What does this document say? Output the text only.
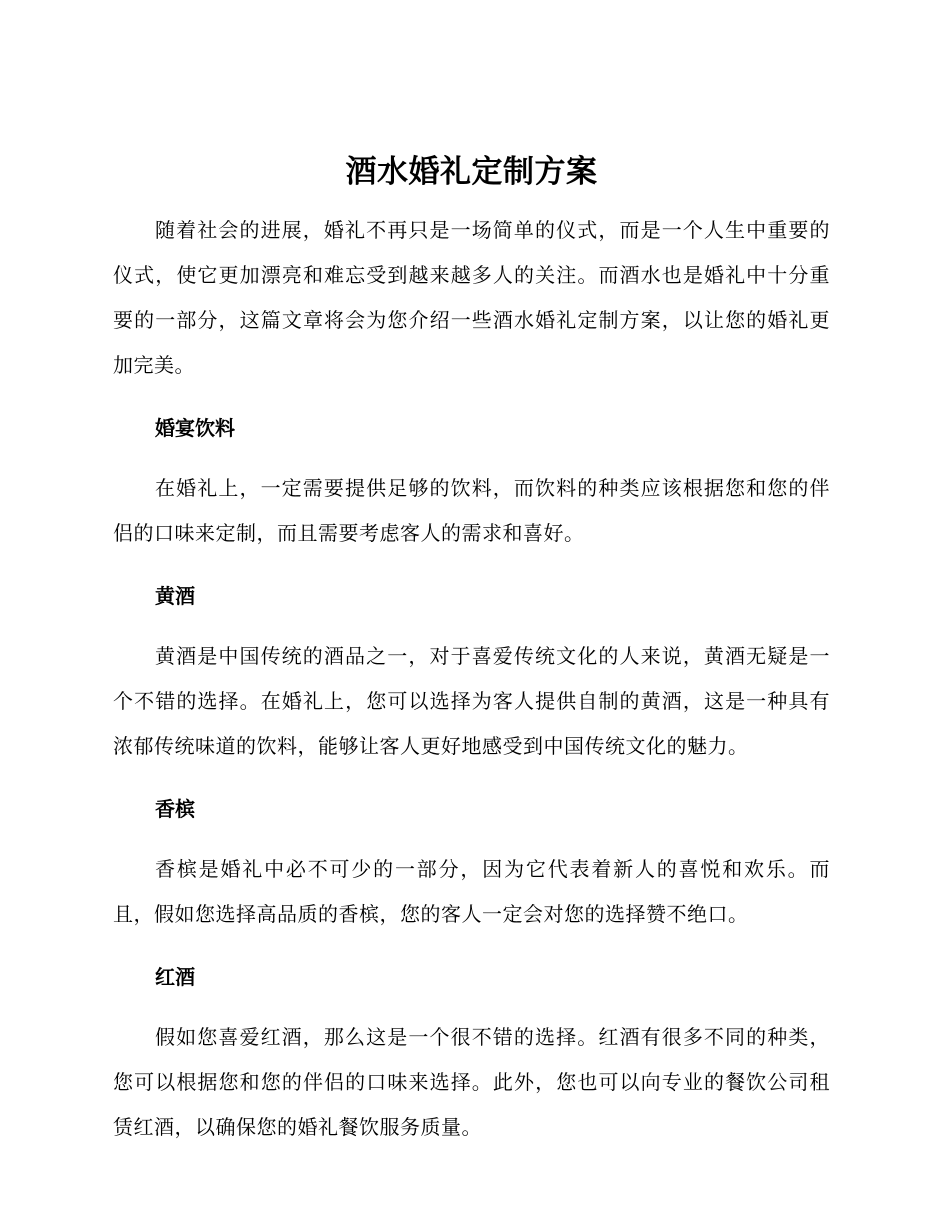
酒水婚礼定制方案

随着社会的进展，婚礼不再只是一场简单的仪式，而是一个人生中重要的仪式，使它更加漂亮和难忘受到越来越多人的关注。而酒水也是婚礼中十分重要的一部分，这篇文章将会为您介绍一些酒水婚礼定制方案，以让您的婚礼更加完美。

婚宴饮料

在婚礼上，一定需要提供足够的饮料，而饮料的种类应该根据您和您的伴侣的口味来定制，而且需要考虑客人的需求和喜好。

黄酒

黄酒是中国传统的酒品之一，对于喜爱传统文化的人来说，黄酒无疑是一个不错的选择。在婚礼上，您可以选择为客人提供自制的黄酒，这是一种具有浓郁传统味道的饮料，能够让客人更好地感受到中国传统文化的魅力。

香槟

香槟是婚礼中必不可少的一部分，因为它代表着新人的喜悦和欢乐。而且，假如您选择高品质的香槟，您的客人一定会对您的选择赞不绝口。

红酒

假如您喜爱红酒，那么这是一个很不错的选择。红酒有很多不同的种类，您可以根据您和您的伴侣的口味来选择。此外，您也可以向专业的餐饮公司租赁红酒，以确保您的婚礼餐饮服务质量。
